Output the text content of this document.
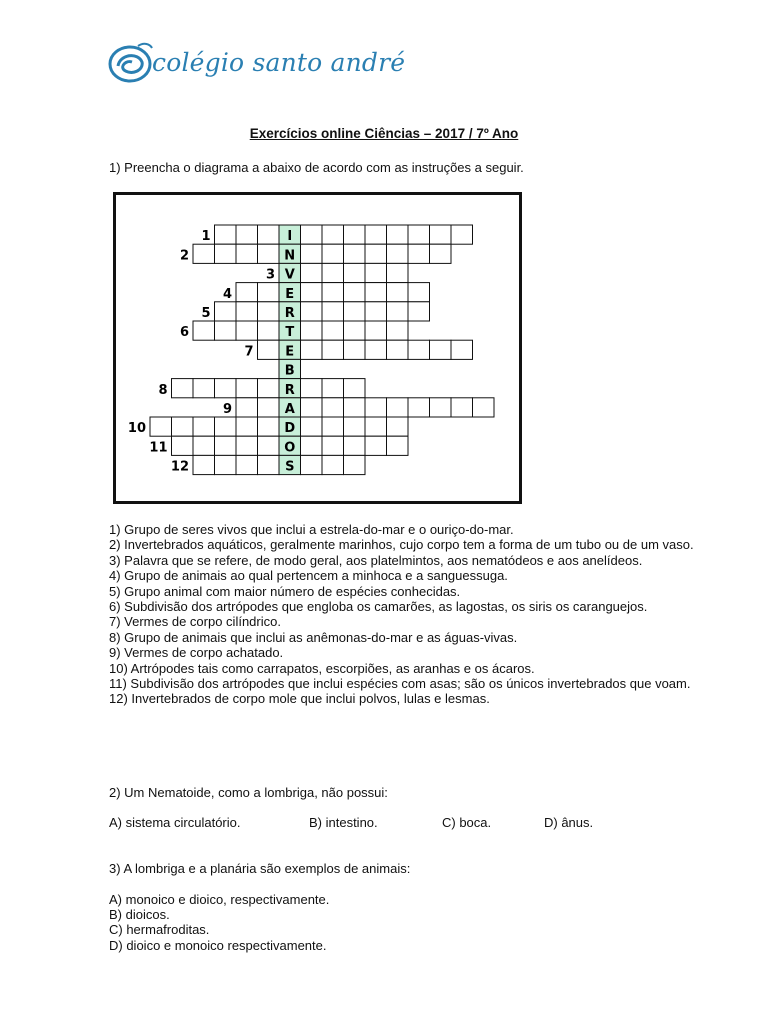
colégio santo andré
Exercícios online Ciências – 2017 / 7º Ano
1) Preencha o diagrama a abaixo de acordo com as instruções a seguir.
I
1
N
2
V
3
E
4
R
5
T
6
E
7
B
R
8
A
9
D
10
O
11
S
12
1) Grupo de seres vivos que inclui a estrela-do-mar e o ouriço-do-mar.
2) Invertebrados aquáticos, geralmente marinhos, cujo corpo tem a forma de um tubo ou de um vaso.
3) Palavra que se refere, de modo geral, aos platelmintos, aos nematódeos e aos anelídeos.
4) Grupo de animais ao qual pertencem a minhoca e a sanguessuga.
5) Grupo animal com maior número de espécies conhecidas.
6) Subdivisão dos artrópodes que engloba os camarões, as lagostas, os siris os caranguejos.
7) Vermes de corpo cilíndrico.
8) Grupo de animais que inclui as anêmonas-do-mar e as águas-vivas.
9) Vermes de corpo achatado.
10) Artrópodes tais como carrapatos, escorpiões, as aranhas e os ácaros.
11) Subdivisão dos artrópodes que inclui espécies com asas; são os únicos invertebrados que voam.
12) Invertebrados de corpo mole que inclui polvos, lulas e lesmas.
2) Um Nematoide, como a lombriga, não possui:
A) sistema circulatório.	B) intestino.	C) boca.	D) ânus.
3) A lombriga e a planária são exemplos de animais:
A) monoico e dioico, respectivamente.
B) dioicos.
C) hermafroditas.
D) dioico e monoico respectivamente.
